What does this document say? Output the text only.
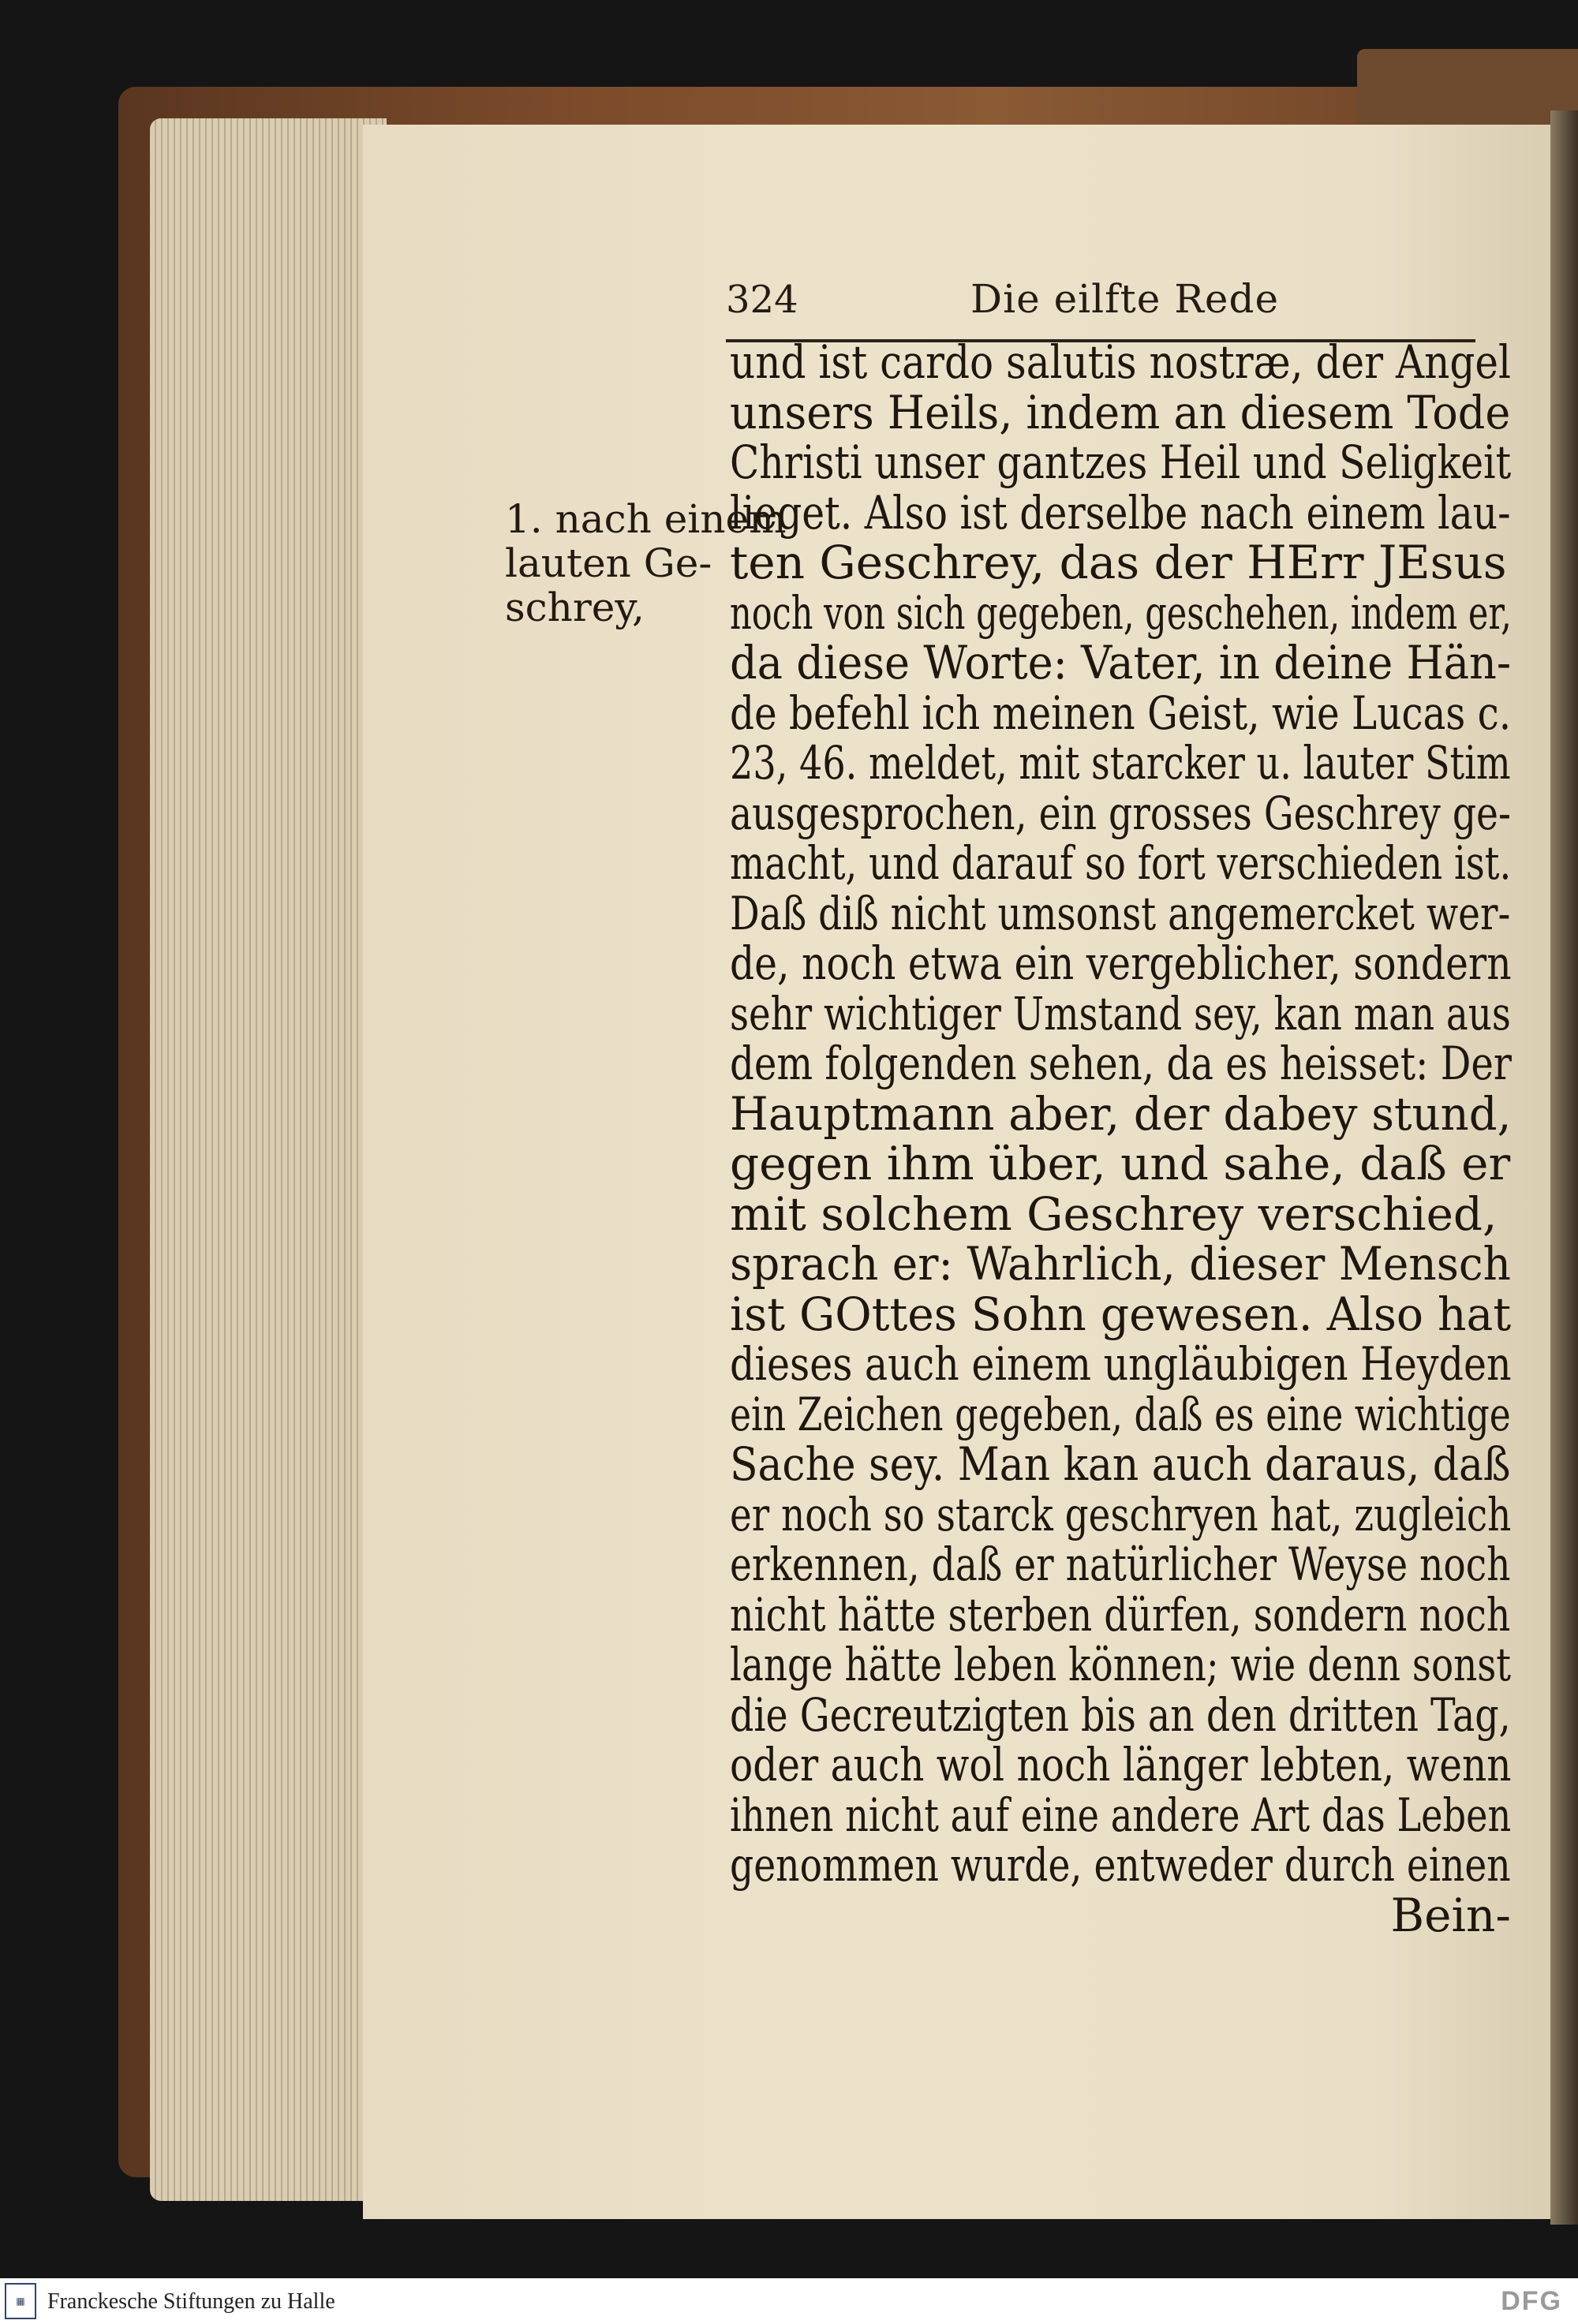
324	Die eilfte Rede
1. nach einem
lauten Ge-
schrey,
und ist cardo salutis nostræ, der Angel
unsers Heils, indem an diesem Tode
Christi unser gantzes Heil und Seligkeit
lieget. Also ist derselbe nach einem lau-
ten Geschrey, das der HErr JEsus
noch von sich gegeben, geschehen, indem er,
da diese Worte: Vater, in deine Hän-
de befehl ich meinen Geist, wie Lucas c.
23, 46. meldet, mit starcker u. lauter Stim
ausgesprochen, ein grosses Geschrey ge-
macht, und darauf so fort verschieden ist.
Daß diß nicht umsonst angemercket wer-
de, noch etwa ein vergeblicher, sondern
sehr wichtiger Umstand sey, kan man aus
dem folgenden sehen, da es heisset: Der
Hauptmann aber, der dabey stund,
gegen ihm über, und sahe, daß er
mit solchem Geschrey verschied,
sprach er: Wahrlich, dieser Mensch
ist GOttes Sohn gewesen. Also hat
dieses auch einem ungläubigen Heyden
ein Zeichen gegeben, daß es eine wichtige
Sache sey. Man kan auch daraus, daß
er noch so starck geschryen hat, zugleich
erkennen, daß er natürlicher Weyse noch
nicht hätte sterben dürfen, sondern noch
lange hätte leben können; wie denn sonst
die Gecreutzigten bis an den dritten Tag,
oder auch wol noch länger lebten, wenn
ihnen nicht auf eine andere Art das Leben
genommen wurde, entweder durch einen
Bein-
▦	Franckesche Stiftungen zu Halle	DFG
